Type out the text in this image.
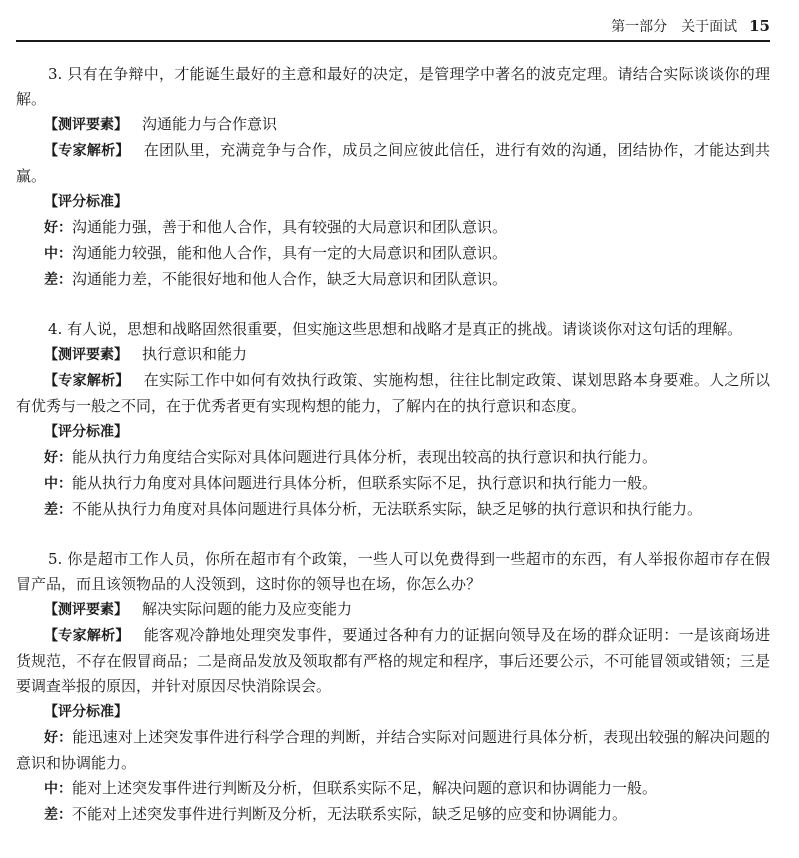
第一部分　关于面试 15

3. 只有在争辩中，才能诞生最好的主意和最好的决定，是管理学中著名的波克定理。请结合实际谈谈你的理解。

【测评要素】 沟通能力与合作意识

【专家解析】 在团队里，充满竞争与合作，成员之间应彼此信任，进行有效的沟通，团结协作，才能达到共赢。

【评分标准】

好：沟通能力强，善于和他人合作，具有较强的大局意识和团队意识。

中：沟通能力较强，能和他人合作，具有一定的大局意识和团队意识。

差：沟通能力差，不能很好地和他人合作，缺乏大局意识和团队意识。

4. 有人说，思想和战略固然很重要，但实施这些思想和战略才是真正的挑战。请谈谈你对这句话的理解。

【测评要素】 执行意识和能力

【专家解析】 在实际工作中如何有效执行政策、实施构想，往往比制定政策、谋划思路本身要难。人之所以有优秀与一般之不同，在于优秀者更有实现构想的能力，了解内在的执行意识和态度。

【评分标准】

好：能从执行力角度结合实际对具体问题进行具体分析，表现出较高的执行意识和执行能力。

中：能从执行力角度对具体问题进行具体分析，但联系实际不足，执行意识和执行能力一般。

差：不能从执行力角度对具体问题进行具体分析，无法联系实际，缺乏足够的执行意识和执行能力。

5. 你是超市工作人员，你所在超市有个政策，一些人可以免费得到一些超市的东西，有人举报你超市存在假冒产品，而且该领物品的人没领到，这时你的领导也在场，你怎么办？

【测评要素】 解决实际问题的能力及应变能力

【专家解析】 能客观冷静地处理突发事件，要通过各种有力的证据向领导及在场的群众证明：一是该商场进货规范，不存在假冒商品；二是商品发放及领取都有严格的规定和程序，事后还要公示，不可能冒领或错领；三是要调查举报的原因，并针对原因尽快消除误会。

【评分标准】

好：能迅速对上述突发事件进行科学合理的判断，并结合实际对问题进行具体分析，表现出较强的解决问题的意识和协调能力。

中：能对上述突发事件进行判断及分析，但联系实际不足，解决问题的意识和协调能力一般。

差：不能对上述突发事件进行判断及分析，无法联系实际，缺乏足够的应变和协调能力。
